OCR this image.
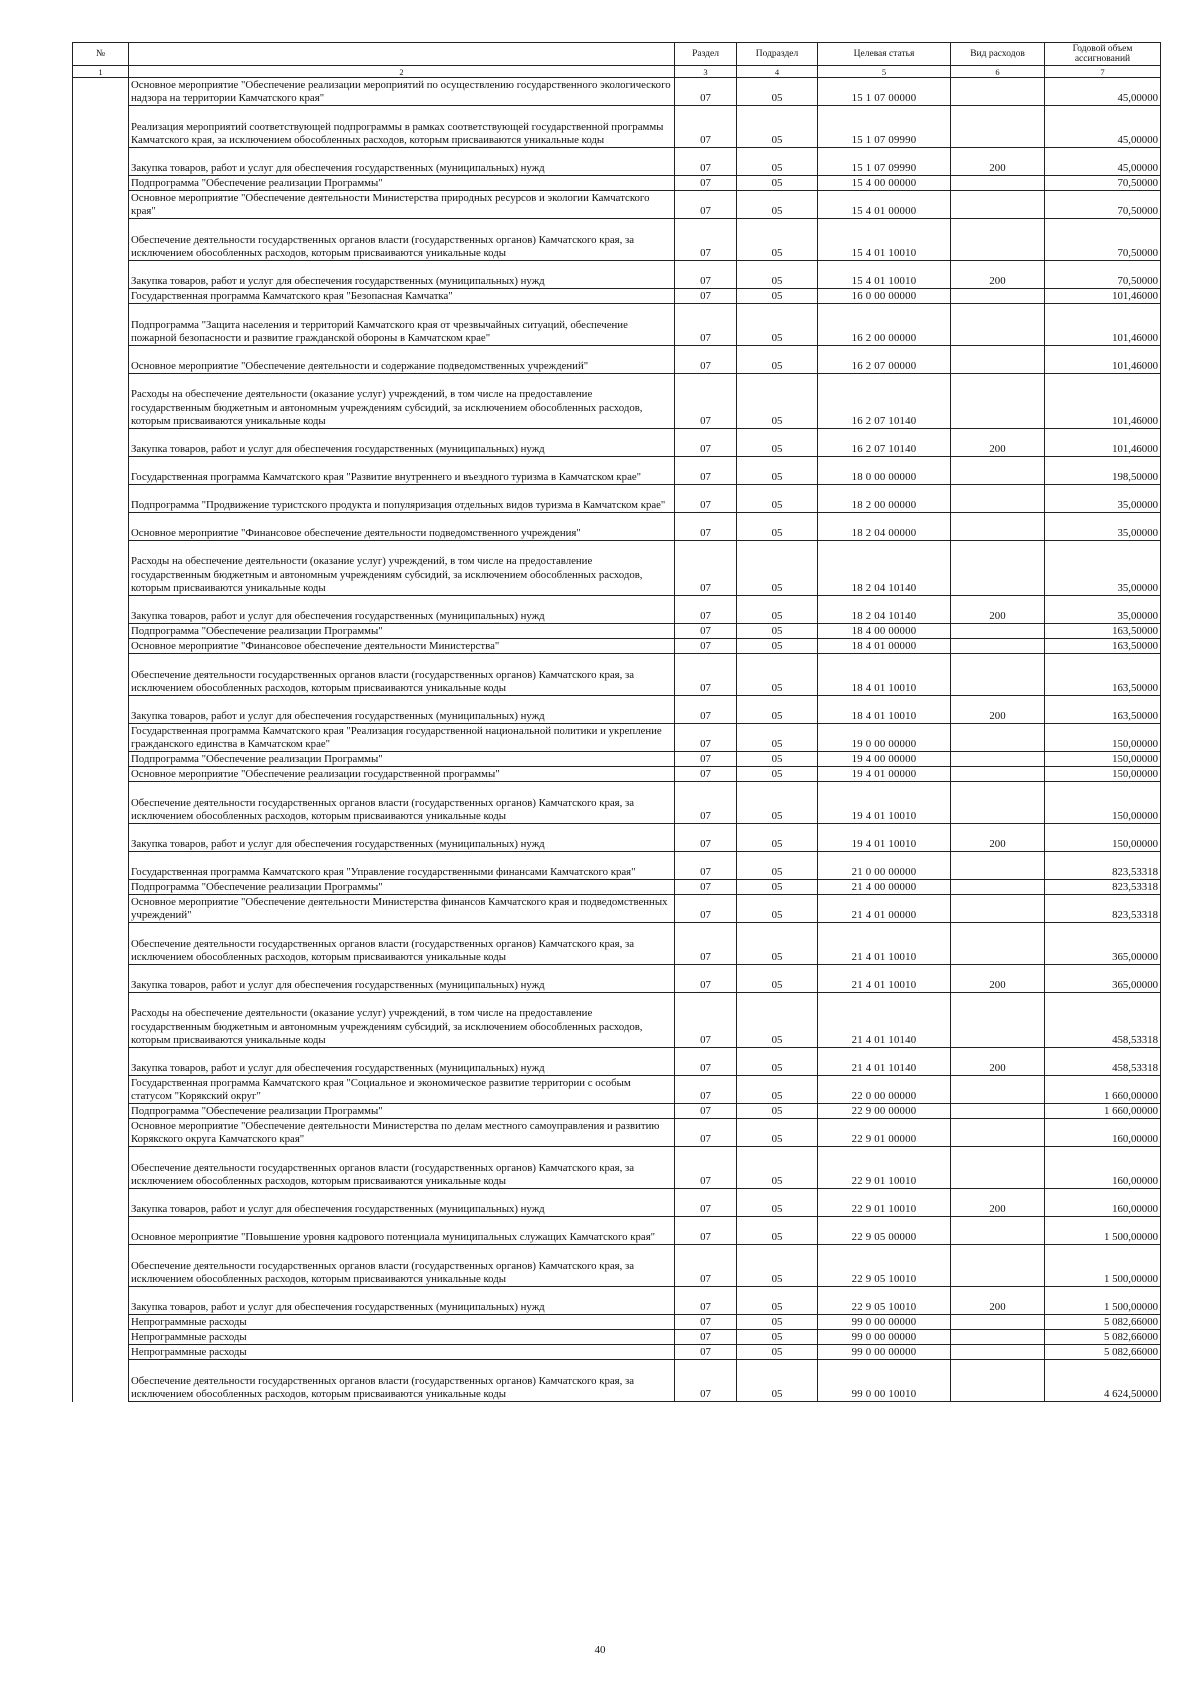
№		Раздел	Подраздел	Целевая статья	Вид расходов	Годовой объем ассигнований
1	2	3	4	5	6	7
	Основное мероприятие "Обеспечение реализации мероприятий по осуществлению государственного экологического надзора на территории Камчатского края"	07	05	15 1 07 00000		45,00000
	Реализация мероприятий соответствующей подпрограммы в рамках соответствующей государственной программы Камчатского края, за исключением обособленных расходов, которым присваиваются уникальные коды	07	05	15 1 07 09990		45,00000
	Закупка товаров, работ и услуг для обеспечения государственных (муниципальных) нужд	07	05	15 1 07 09990	200	45,00000
	Подпрограмма "Обеспечение реализации Программы"	07	05	15 4 00 00000		70,50000
	Основное мероприятие "Обеспечение деятельности Министерства природных ресурсов и экологии Камчатского края"	07	05	15 4 01 00000		70,50000
	Обеспечение деятельности государственных органов власти (государственных органов) Камчатского края, за исключением обособленных расходов, которым присваиваются уникальные коды	07	05	15 4 01 10010		70,50000
	Закупка товаров, работ и услуг для обеспечения государственных (муниципальных) нужд	07	05	15 4 01 10010	200	70,50000
	Государственная программа Камчатского края "Безопасная Камчатка"	07	05	16 0 00 00000		101,46000
	Подпрограмма "Защита населения и территорий Камчатского края от чрезвычайных ситуаций, обеспечение пожарной безопасности и развитие гражданской обороны в Камчатском крае"	07	05	16 2 00 00000		101,46000
	Основное мероприятие "Обеспечение деятельности и содержание подведомственных учреждений"	07	05	16 2 07 00000		101,46000
	Расходы на обеспечение деятельности (оказание услуг) учреждений, в том числе на предоставление государственным бюджетным и автономным учреждениям субсидий, за исключением обособленных расходов, которым присваиваются уникальные коды	07	05	16 2 07 10140		101,46000
	Закупка товаров, работ и услуг для обеспечения государственных (муниципальных) нужд	07	05	16 2 07 10140	200	101,46000
	Государственная программа Камчатского края "Развитие внутреннего и въездного туризма в Камчатском крае"	07	05	18 0 00 00000		198,50000
	Подпрограмма "Продвижение туристского продукта и популяризация отдельных видов туризма в Камчатском крае"	07	05	18 2 00 00000		35,00000
	Основное мероприятие "Финансовое обеспечение деятельности подведомственного учреждения"	07	05	18 2 04 00000		35,00000
	Расходы на обеспечение деятельности (оказание услуг) учреждений, в том числе на предоставление государственным бюджетным и автономным учреждениям субсидий, за исключением обособленных расходов, которым присваиваются уникальные коды	07	05	18 2 04 10140		35,00000
	Закупка товаров, работ и услуг для обеспечения государственных (муниципальных) нужд	07	05	18 2 04 10140	200	35,00000
	Подпрограмма "Обеспечение реализации Программы"	07	05	18 4 00 00000		163,50000
	Основное мероприятие "Финансовое обеспечение деятельности Министерства"	07	05	18 4 01 00000		163,50000
	Обеспечение деятельности государственных органов власти (государственных органов) Камчатского края, за исключением обособленных расходов, которым присваиваются уникальные коды	07	05	18 4 01 10010		163,50000
	Закупка товаров, работ и услуг для обеспечения государственных (муниципальных) нужд	07	05	18 4 01 10010	200	163,50000
	Государственная программа Камчатского края "Реализация государственной национальной политики и укрепление гражданского единства в Камчатском крае"	07	05	19 0 00 00000		150,00000
	Подпрограмма "Обеспечение реализации Программы"	07	05	19 4 00 00000		150,00000
	Основное мероприятие "Обеспечение реализации государственной программы"	07	05	19 4 01 00000		150,00000
	Обеспечение деятельности государственных органов власти (государственных органов) Камчатского края, за исключением обособленных расходов, которым присваиваются уникальные коды	07	05	19 4 01 10010		150,00000
	Закупка товаров, работ и услуг для обеспечения государственных (муниципальных) нужд	07	05	19 4 01 10010	200	150,00000
	Государственная программа Камчатского края "Управление государственными финансами Камчатского края"	07	05	21 0 00 00000		823,53318
	Подпрограмма "Обеспечение реализации Программы"	07	05	21 4 00 00000		823,53318
	Основное мероприятие "Обеспечение деятельности Министерства финансов Камчатского края и подведомственных учреждений"	07	05	21 4 01 00000		823,53318
	Обеспечение деятельности государственных органов власти (государственных органов) Камчатского края, за исключением обособленных расходов, которым присваиваются уникальные коды	07	05	21 4 01 10010		365,00000
	Закупка товаров, работ и услуг для обеспечения государственных (муниципальных) нужд	07	05	21 4 01 10010	200	365,00000
	Расходы на обеспечение деятельности (оказание услуг) учреждений, в том числе на предоставление государственным бюджетным и автономным учреждениям субсидий, за исключением обособленных расходов, которым присваиваются уникальные коды	07	05	21 4 01 10140		458,53318
	Закупка товаров, работ и услуг для обеспечения государственных (муниципальных) нужд	07	05	21 4 01 10140	200	458,53318
	Государственная программа Камчатского края "Социальное и экономическое развитие территории с особым статусом "Корякский округ"	07	05	22 0 00 00000		1 660,00000
	Подпрограмма "Обеспечение реализации Программы"	07	05	22 9 00 00000		1 660,00000
	Основное мероприятие "Обеспечение деятельности Министерства по делам местного самоуправления и развитию Корякского округа Камчатского края"	07	05	22 9 01 00000		160,00000
	Обеспечение деятельности государственных органов власти (государственных органов) Камчатского края, за исключением обособленных расходов, которым присваиваются уникальные коды	07	05	22 9 01 10010		160,00000
	Закупка товаров, работ и услуг для обеспечения государственных (муниципальных) нужд	07	05	22 9 01 10010	200	160,00000
	Основное мероприятие "Повышение уровня кадрового потенциала муниципальных служащих Камчатского края"	07	05	22 9 05 00000		1 500,00000
	Обеспечение деятельности государственных органов власти (государственных органов) Камчатского края, за исключением обособленных расходов, которым присваиваются уникальные коды	07	05	22 9 05 10010		1 500,00000
	Закупка товаров, работ и услуг для обеспечения государственных (муниципальных) нужд	07	05	22 9 05 10010	200	1 500,00000
	Непрограммные расходы	07	05	99 0 00 00000		5 082,66000
	Непрограммные расходы	07	05	99 0 00 00000		5 082,66000
	Непрограммные расходы	07	05	99 0 00 00000		5 082,66000
	Обеспечение деятельности государственных органов власти (государственных органов) Камчатского края, за исключением обособленных расходов, которым присваиваются уникальные коды	07	05	99 0 00 10010		4 624,50000
40
